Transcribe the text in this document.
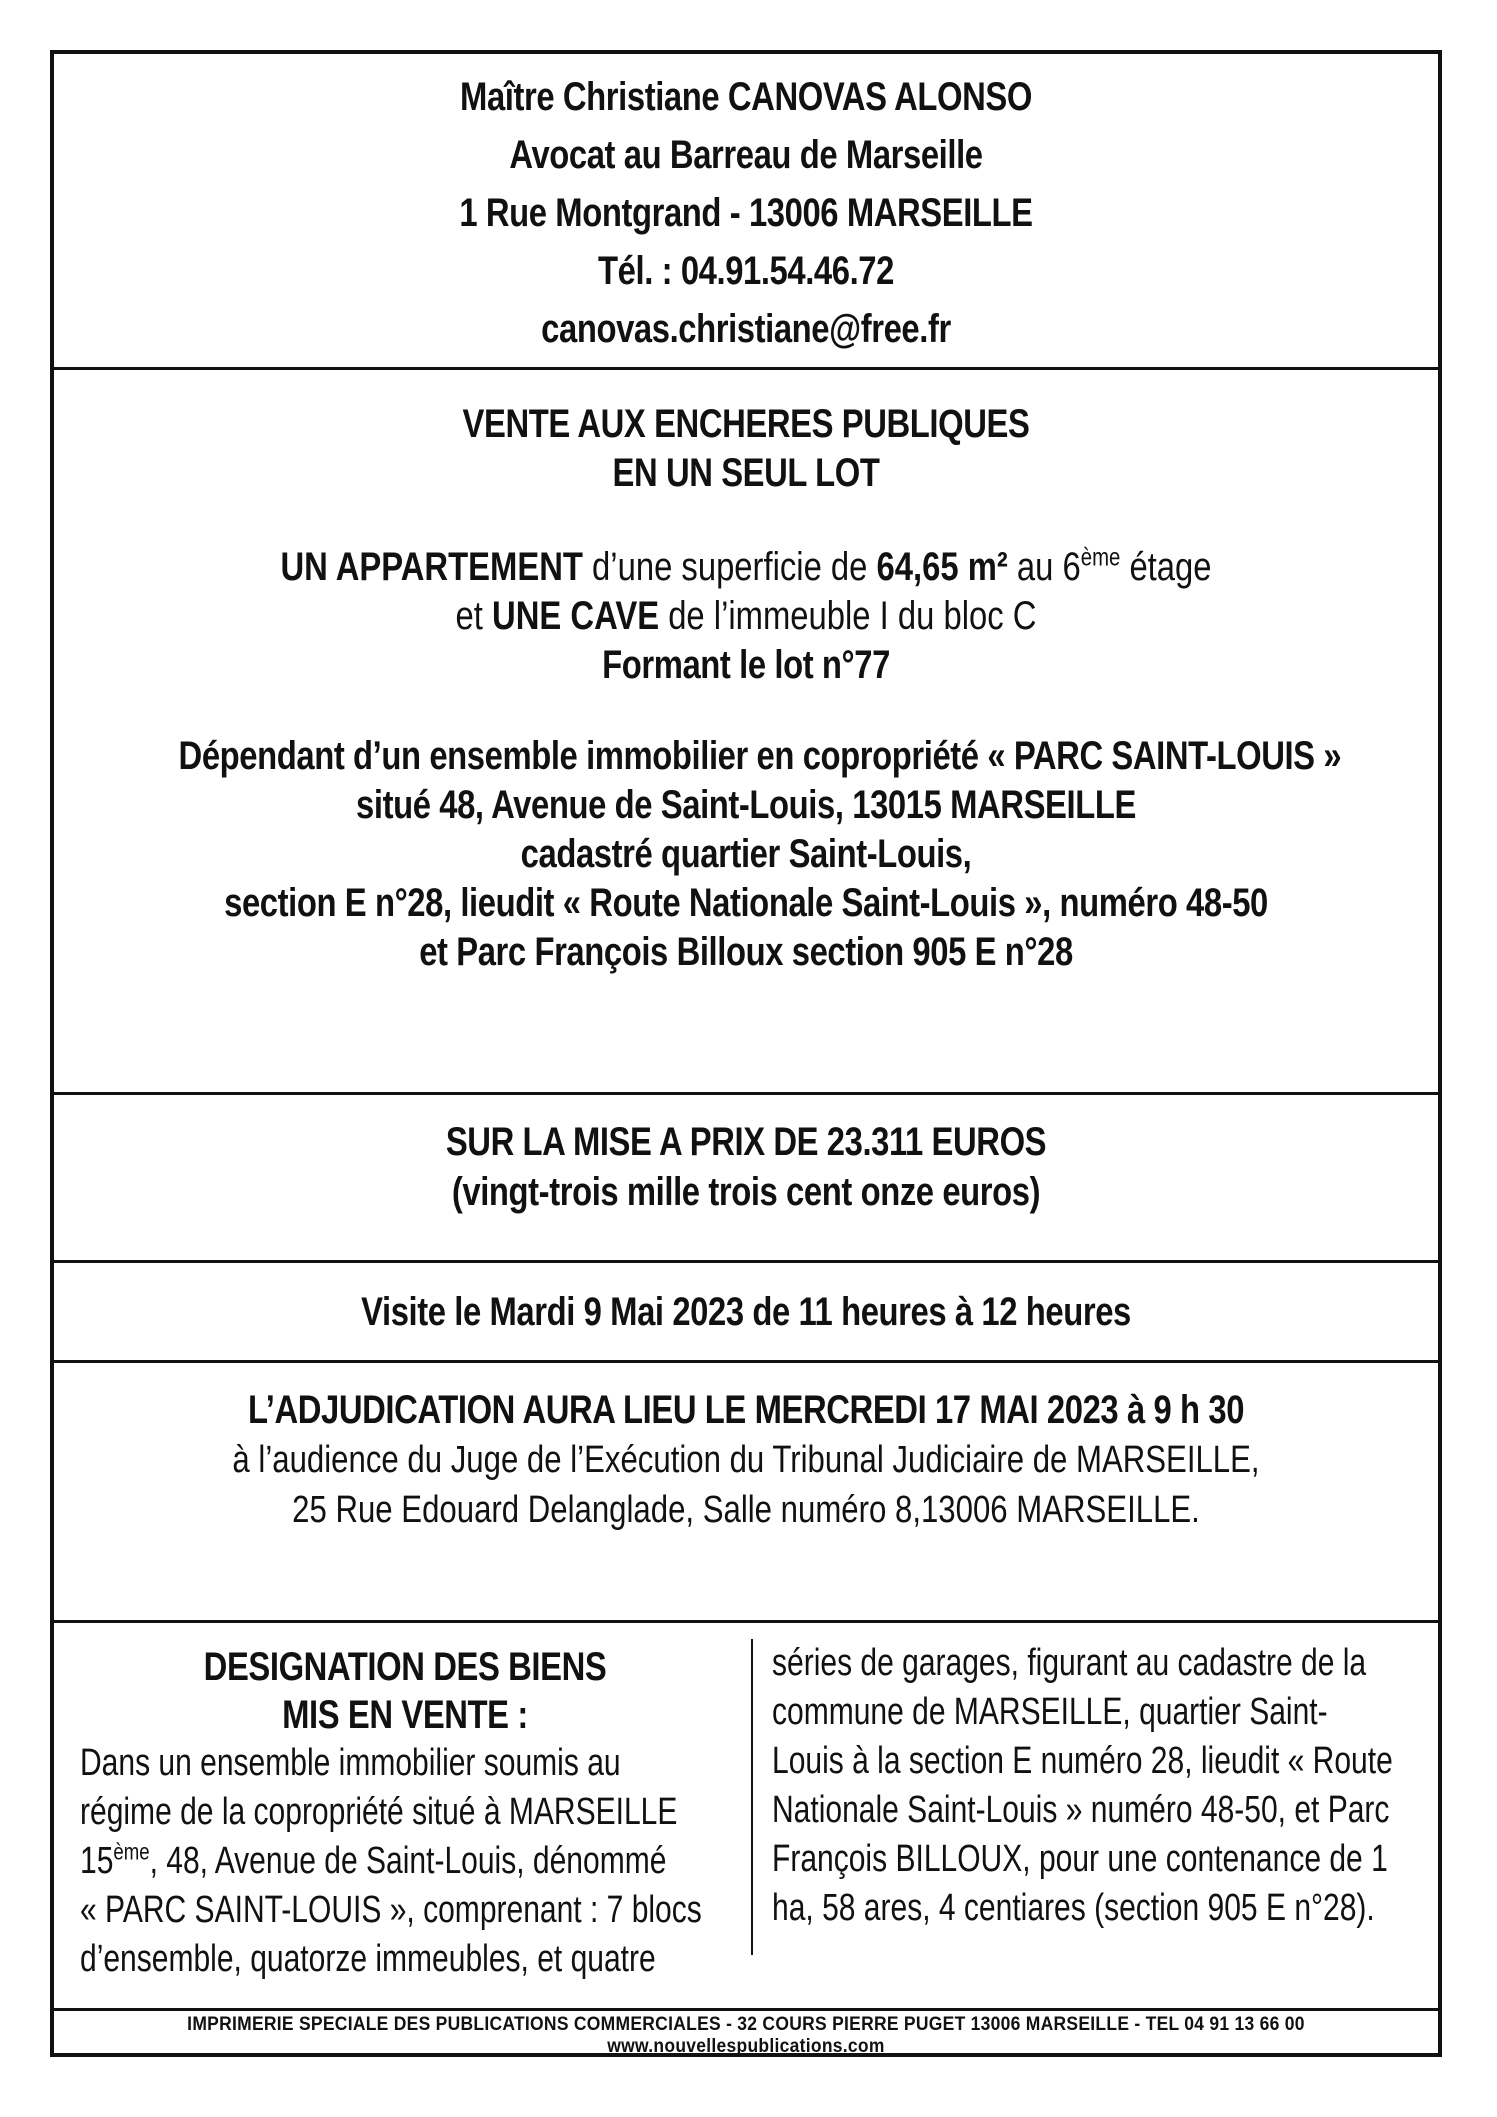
Maître Christiane CANOVAS ALONSO
Avocat au Barreau de Marseille
1 Rue Montgrand - 13006 MARSEILLE
Tél. : 04.91.54.46.72
canovas.christiane@free.fr
VENTE AUX ENCHERES PUBLIQUES
EN UN SEUL LOT
UN APPARTEMENT d’une superficie de 64,65 m² au 6ème étage
et UNE CAVE de l’immeuble I du bloc C
Formant le lot n°77
Dépendant d’un ensemble immobilier en copropriété « PARC SAINT-LOUIS »
situé 48, Avenue de Saint-Louis, 13015 MARSEILLE
cadastré quartier Saint-Louis,
section E n°28, lieudit « Route Nationale Saint-Louis », numéro 48-50
et Parc François Billoux section 905 E n°28
SUR LA MISE A PRIX DE 23.311 EUROS
(vingt-trois mille trois cent onze euros)
Visite le Mardi 9 Mai 2023 de 11 heures à 12 heures
L’ADJUDICATION AURA LIEU LE MERCREDI 17 MAI 2023 à 9 h 30
à l’audience du Juge de l’Exécution du Tribunal Judiciaire de MARSEILLE,
25 Rue Edouard Delanglade, Salle numéro 8,13006 MARSEILLE.
DESIGNATION DES BIENS
MIS EN VENTE :
Dans un ensemble immobilier soumis au
régime de la copropriété situé à MARSEILLE
15ème, 48, Avenue de Saint-Louis, dénommé
« PARC SAINT-LOUIS », comprenant : 7 blocs
d’ensemble, quatorze immeubles, et quatre
séries de garages, figurant au cadastre de la
commune de MARSEILLE, quartier Saint-
Louis à la section E numéro 28, lieudit « Route
Nationale Saint-Louis » numéro 48-50, et Parc
François BILLOUX, pour une contenance de 1
ha, 58 ares, 4 centiares (section 905 E n°28).
IMPRIMERIE SPECIALE DES PUBLICATIONS COMMERCIALES - 32 COURS PIERRE PUGET 13006 MARSEILLE - TEL 04 91 13 66 00
www.nouvellespublications.com
